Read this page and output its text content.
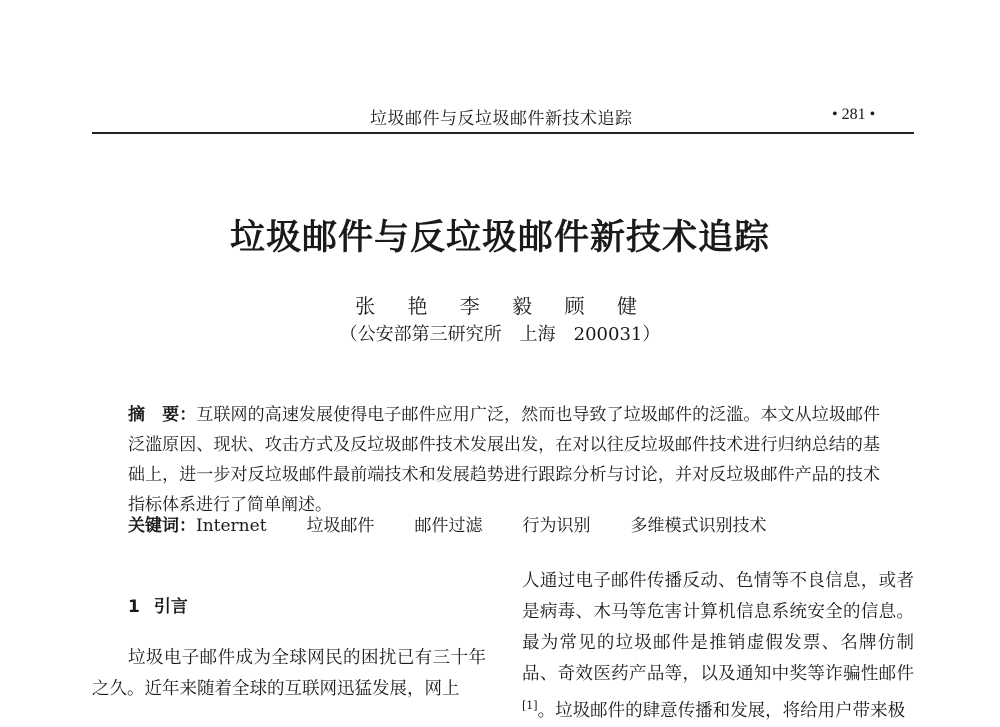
垃圾邮件与反垃圾邮件新技术追踪	• 281 •
垃圾邮件与反垃圾邮件新技术追踪
张 艳 李 毅 顾 健
（公安部第三研究所　上海　200031）
摘　要：互联网的高速发展使得电子邮件应用广泛，然而也导致了垃圾邮件的泛滥。本文从垃圾邮件泛滥原因、现状、攻击方式及反垃圾邮件技术发展出发，在对以往反垃圾邮件技术进行归纳总结的基础上，进一步对反垃圾邮件最前端技术和发展趋势进行跟踪分析与讨论，并对反垃圾邮件产品的技术指标体系进行了简单阐述。
关键词：Internet 垃圾邮件 邮件过滤 行为识别 多维模式识别技术
1 引言

垃圾电子邮件成为全球网民的困扰已有三十年之久。近年来随着全球的互联网迅猛发展，网上

人通过电子邮件传播反动、色情等不良信息，或者是病毒、木马等危害计算机信息系统安全的信息。最为常见的垃圾邮件是推销虚假发票、名牌仿制品、奇效医药产品等，以及通知中奖等诈骗性邮件[1]。垃圾邮件的肆意传播和发展，将给用户带来极
